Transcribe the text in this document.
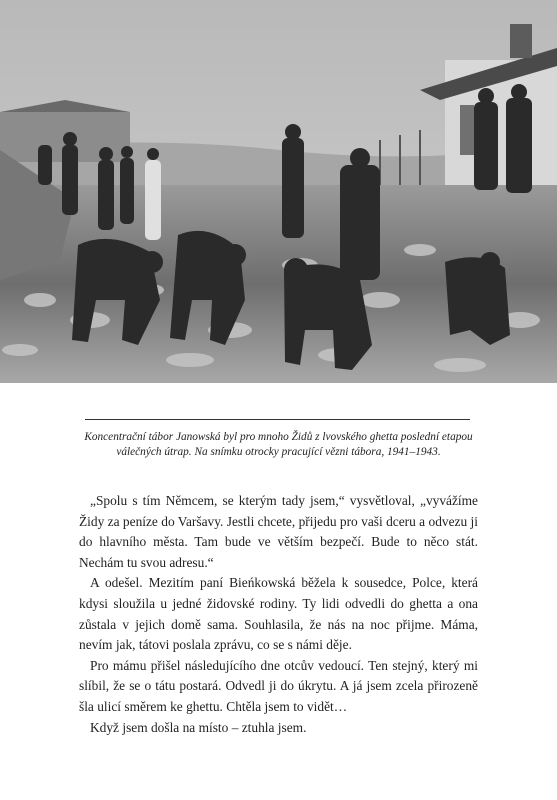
Koncentrační tábor Janowská byl pro mnoho Židů z lvovského ghetta poslední etapou
válečných útrap. Na snímku otrocky pracující vězni tábora, 1941–1943.

„Spolu s tím Němcem, se kterým tady jsem,“ vysvětloval, „vyvážíme Židy za peníze do Varšavy. Jestli chcete, přijedu pro vaši dceru a odvezu ji do hlavního města. Tam bude ve větším bezpečí. Bude to něco stát. Nechám tu svou adresu.“

A odešel. Mezitím paní Bieńkowská běžela k sousedce, Polce, která kdysi sloužila u jedné židovské rodiny. Ty lidi odvedli do ghetta a ona zůstala v jejich domě sama. Souhlasila, že nás na noc přijme. Máma, nevím jak, tátovi poslala zprávu, co se s námi děje.

Pro mámu přišel následujícího dne otcův vedoucí. Ten stejný, který mi slíbil, že se o tátu postará. Odvedl ji do úkrytu. A já jsem zcela přirozeně šla ulicí směrem ke ghettu. Chtěla jsem to vidět…

Když jsem došla na místo – ztuhla jsem.
